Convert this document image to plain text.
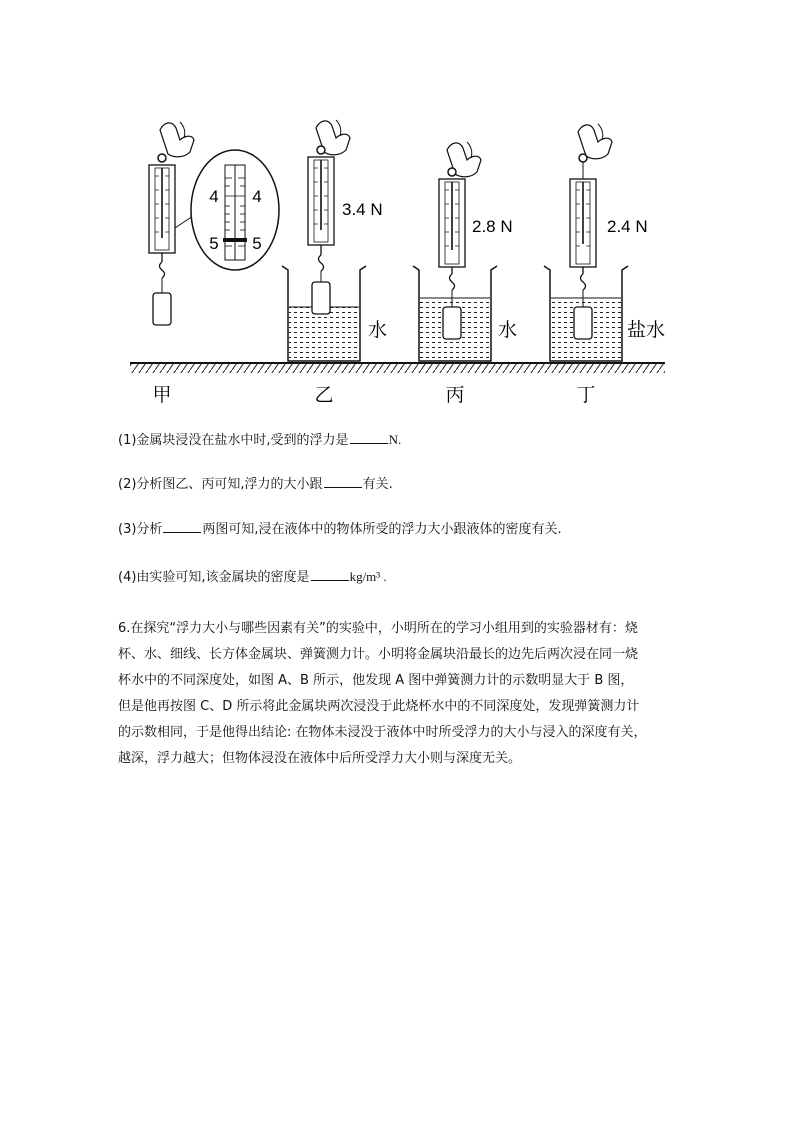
4 4
5 5
3.4 N
水
2.8 N
水
2.4 N
盐水
甲	乙	丙	丁
(1)金属块浸没在盐水中时,受到的浮力是	N.
(2)分析图乙、丙可知,浮力的大小跟	有关.
(3)分析	两图可知,浸在液体中的物体所受的浮力大小跟液体的密度有关.
(4)由实验可知,该金属块的密度是	kg/m³ .
6.在探究“浮力大小与哪些因素有关”的实验中，小明所在的学习小组用到的实验器材有：烧
杯、水、细线、长方体金属块、弹簧测力计。小明将金属块沿最长的边先后两次浸在同一烧
杯水中的不同深度处，如图 A、B 所示，他发现 A 图中弹簧测力计的示数明显大于 B 图，
但是他再按图 C、D 所示将此金属块两次浸没于此烧杯水中的不同深度处，发现弹簧测力计
的示数相同，于是他得出结论: 在物体未浸没于液体中时所受浮力的大小与浸入的深度有关，
越深，浮力越大；但物体浸没在液体中后所受浮力大小则与深度无关。
